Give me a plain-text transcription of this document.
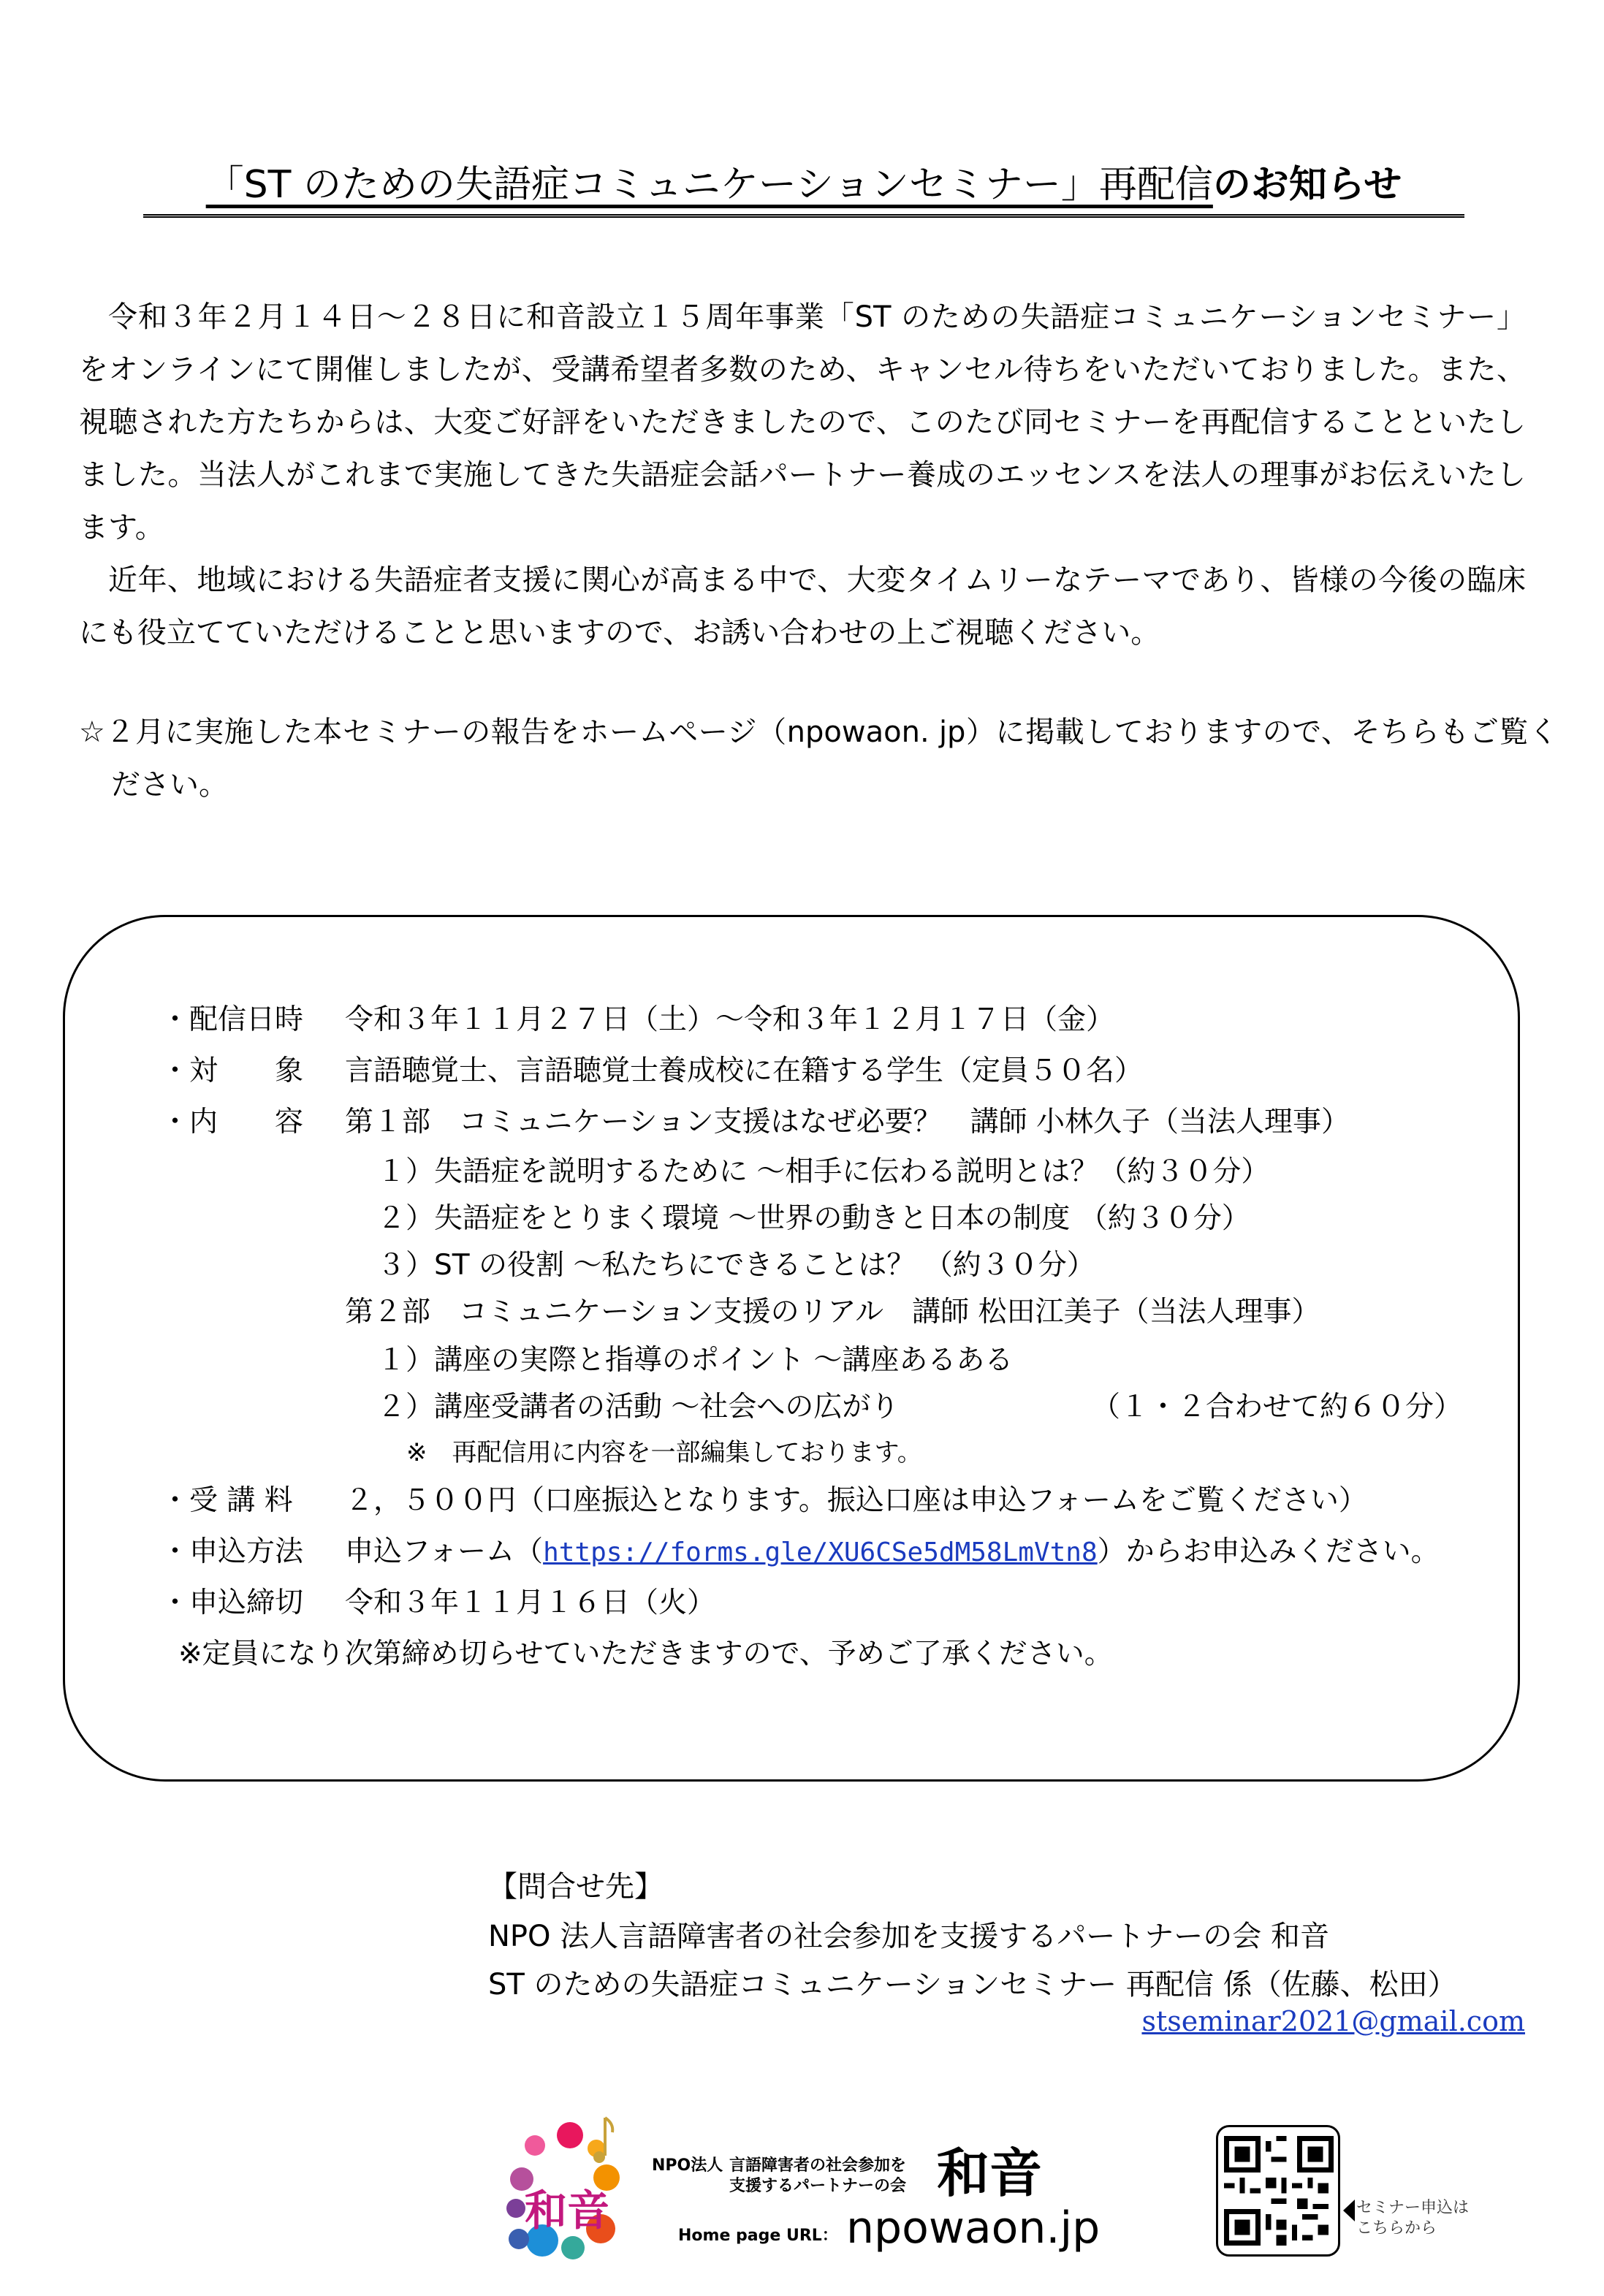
「ST のための失語症コミュニケーションセミナー」再配信のお知らせ
令和３年２月１４日～２８日に和音設立１５周年事業「ST のための失語症コミュニケーションセミナー」をオンラインにて開催しましたが、受講希望者多数のため、キャンセル待ちをいただいておりました。また、視聴された方たちからは、大変ご好評をいただきましたので、このたび同セミナーを再配信することといたしました。当法人がこれまで実施してきた失語症会話パートナー養成のエッセンスを法人の理事がお伝えいたします。
近年、地域における失語症者支援に関心が高まる中で、大変タイムリーなテーマであり、皆様の今後の臨床にも役立てていただけることと思いますので、お誘い合わせの上ご視聴ください。
☆２月に実施した本セミナーの報告をホームページ（npowaon. jp）に掲載しておりますので、そちらもご覧ください。
・配信日時 令和３年１１月２７日（土）～令和３年１２月１７日（金）
・対　　象 言語聴覚士、言語聴覚士養成校に在籍する学生（定員５０名）
・内　　容 第１部　コミュニケーション支援はなぜ必要？　講師 小林久子（当法人理事）
１）失語症を説明するために ～相手に伝わる説明とは？（約３０分）
２）失語症をとりまく環境 ～世界の動きと日本の制度 （約３０分）
３）ST の役割 ～私たちにできることは？ （約３０分）
第２部　コミュニケーション支援のリアル　講師 松田江美子（当法人理事）
１）講座の実際と指導のポイント ～講座あるある
２）講座受講者の活動 ～社会への広がり	（１・２合わせて約６０分）
※　再配信用に内容を一部編集しております。
・受 講 料 ２，５００円（口座振込となります。振込口座は申込フォームをご覧ください）
・申込方法 申込フォーム（https://forms.gle/XU6CSe5dM58LmVtn8）からお申込みください。
・申込締切 令和３年１１月１６日（火）
※定員になり次第締め切らせていただきますので、予めご了承ください。
【問合せ先】
NPO 法人言語障害者の社会参加を支援するパートナーの会 和音
ST のための失語症コミュニケーションセミナー 再配信 係（佐藤、松田）
stseminar2021@gmail.com
和音
NPO法人 言語障害者の社会参加を
支援するパートナーの会 和音
Home page URL： npowaon.jp	セミナー申込は
こちらから
